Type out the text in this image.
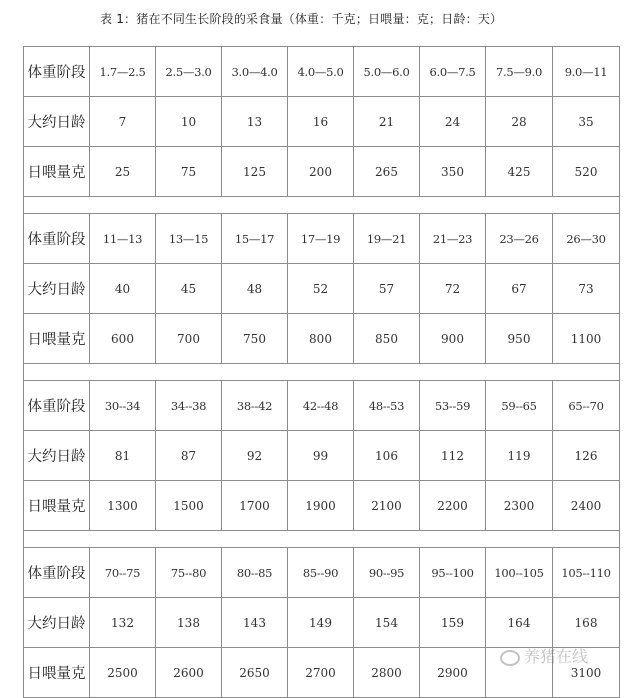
表 1：猪在不同生长阶段的采食量（体重：千克；日喂量：克；日龄：天）
体重阶段	1.7—2.5	2.5—3.0	3.0—4.0	4.0—5.0	5.0—6.0	6.0—7.5	7.5—9.0	9.0—11
大约日龄	7	10	13	16	21	24	28	35
日喂量克	25	75	125	200	265	350	425	520

体重阶段	11—13	13—15	15—17	17—19	19—21	21—23	23—26	26—30
大约日龄	40	45	48	52	57	72	67	73
日喂量克	600	700	750	800	850	900	950	1100

体重阶段	30--34	34--38	38--42	42--48	48--53	53--59	59--65	65--70
大约日龄	81	87	92	99	106	112	119	126
日喂量克	1300	1500	1700	1900	2100	2200	2300	2400

体重阶段	70--75	75--80	80--85	85--90	90--95	95--100	100--105	105--110
大约日龄	132	138	143	149	154	159	164	168
日喂量克	2500	2600	2650	2700	2800	2900		3100
养猪在线
